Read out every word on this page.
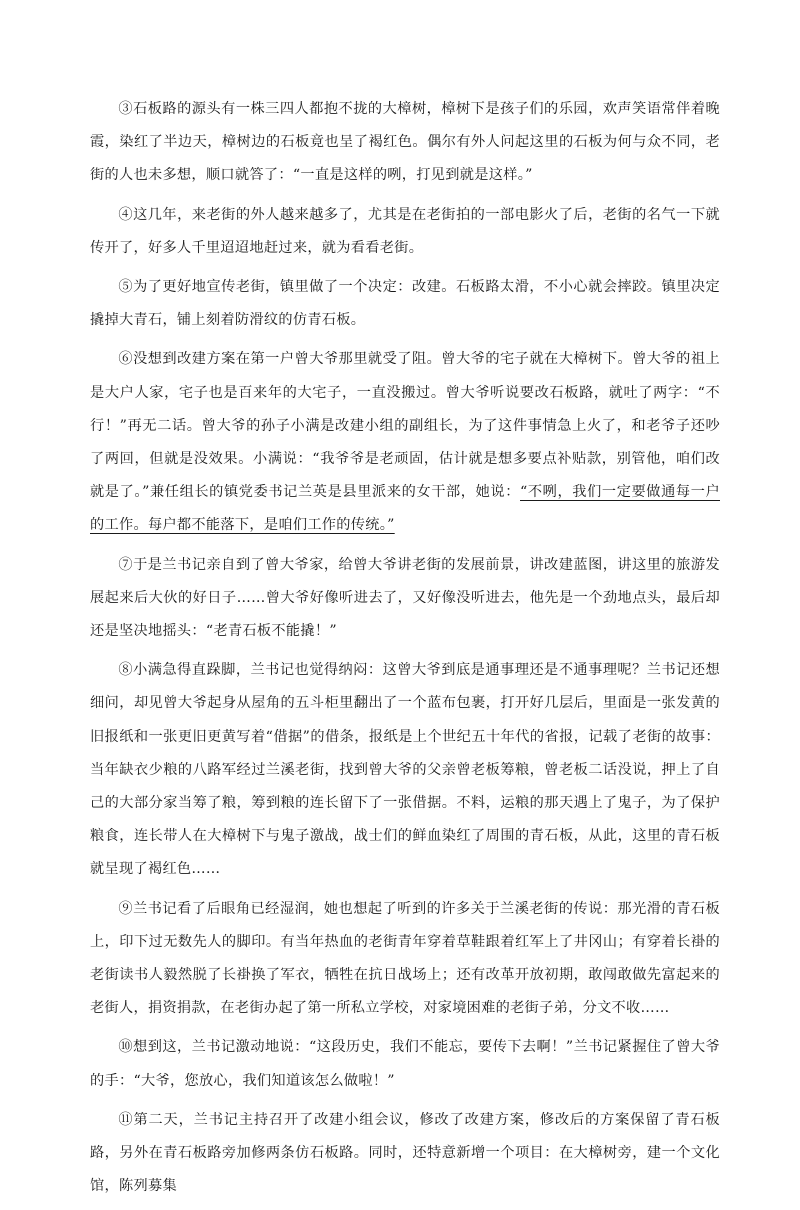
③石板路的源头有一株三四人都抱不拢的大樟树，樟树下是孩子们的乐园，欢声笑语常伴着晚霞，染红了半边天，樟树边的石板竟也呈了褐红色。偶尔有外人问起这里的石板为何与众不同，老街的人也未多想，顺口就答了：“一直是这样的咧，打见到就是这样。”

④这几年，来老街的外人越来越多了，尤其是在老街拍的一部电影火了后，老街的名气一下就传开了，好多人千里迢迢地赶过来，就为看看老街。

⑤为了更好地宣传老街，镇里做了一个决定：改建。石板路太滑，不小心就会摔跤。镇里决定撬掉大青石，铺上刻着防滑纹的仿青石板。

⑥没想到改建方案在第一户曾大爷那里就受了阻。曾大爷的宅子就在大樟树下。曾大爷的祖上是大户人家，宅子也是百来年的大宅子，一直没搬过。曾大爷听说要改石板路，就吐了两字：“不行！”再无二话。曾大爷的孙子小满是改建小组的副组长，为了这件事情急上火了，和老爷子还吵了两回，但就是没效果。小满说：“我爷爷是老顽固，估计就是想多要点补贴款，别管他，咱们改就是了。”兼任组长的镇党委书记兰英是县里派来的女干部，她说：“不咧，我们一定要做通每一户的工作。每户都不能落下，是咱们工作的传统。”

⑦于是兰书记亲自到了曾大爷家，给曾大爷讲老街的发展前景，讲改建蓝图，讲这里的旅游发展起来后大伙的好日子……曾大爷好像听进去了，又好像没听进去，他先是一个劲地点头，最后却还是坚决地摇头：“老青石板不能撬！”

⑧小满急得直跺脚，兰书记也觉得纳闷：这曾大爷到底是通事理还是不通事理呢？兰书记还想细问，却见曾大爷起身从屋角的五斗柜里翻出了一个蓝布包裹，打开好几层后，里面是一张发黄的旧报纸和一张更旧更黄写着“借据”的借条，报纸是上个世纪五十年代的省报，记载了老街的故事：当年缺衣少粮的八路军经过兰溪老街，找到曾大爷的父亲曾老板筹粮，曾老板二话没说，押上了自己的大部分家当筹了粮，筹到粮的连长留下了一张借据。不料，运粮的那天遇上了鬼子，为了保护粮食，连长带人在大樟树下与鬼子激战，战士们的鲜血染红了周围的青石板，从此，这里的青石板就呈现了褐红色……

⑨兰书记看了后眼角已经湿润，她也想起了听到的许多关于兰溪老街的传说：那光滑的青石板上，印下过无数先人的脚印。有当年热血的老街青年穿着草鞋跟着红军上了井冈山；有穿着长褂的老街读书人毅然脱了长褂换了军衣，牺牲在抗日战场上；还有改革开放初期，敢闯敢做先富起来的老街人，捐资捐款，在老街办起了第一所私立学校，对家境困难的老街子弟，分文不收……

⑩想到这，兰书记激动地说：“这段历史，我们不能忘，要传下去啊！”兰书记紧握住了曾大爷的手：“大爷，您放心，我们知道该怎么做啦！”

⑪第二天，兰书记主持召开了改建小组会议，修改了改建方案，修改后的方案保留了青石板路，另外在青石板路旁加修两条仿石板路。同时，还特意新增一个项目：在大樟树旁，建一个文化馆，陈列募集
